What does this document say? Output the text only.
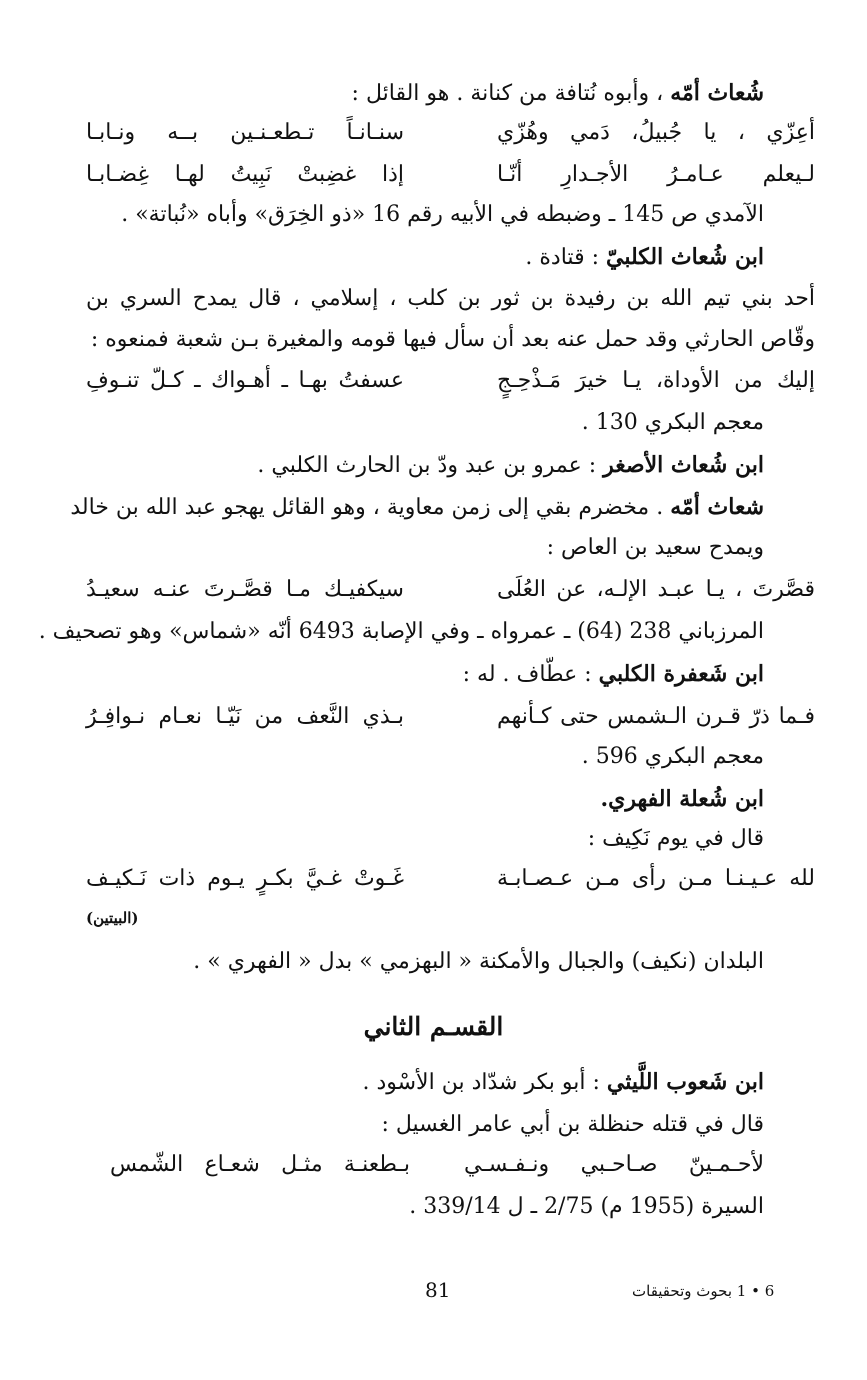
شُعاث أمّه ، وأبوه نُتافة من كنانة . هو القائل :
أعِزّي ، يا جُبيلُ، دَمي وهُزّي
سنـانـاً تـطعـنـين بــه ونـابـا
لـيعلم عـامـرُ الأجـدارِ أنّـا
إذا غضِبتْ نَبِيتُ لهـا غِضـابـا
الآمدي ص 145 ـ وضبطه في الأبيه رقم 16 «ذو الخِرَق» وأباه «نُباتة» .
ابن شُعاث الكلبيّ : قتادة .
أحد بني تيم الله بن رفيدة بن ثور بن كلب ، إسلامي ، قال يمدح السري بن
وقّاص الحارثي وقد حمل عنه بعد أن سأل فيها قومه والمغيرة بـن شعبة فمنعوه :
إليك من الأوداة، يـا خيرَ مَـذْحِـجٍ
عسفتُ بهـا ـ أهـواك ـ كـلّ تنـوفِ
معجم البكري 130 .
ابن شُعاث الأصغر : عمرو بن عبد ودّ بن الحارث الكلبي .
شعاث أمّه . مخضرم بقي إلى زمن معاوية ، وهو القائل يهجو عبد الله بن خالد
ويمدح سعيد بن العاص :
قصَّرتَ ، يـا عبـد الإلـه، عن العُلَى
سيكفيـك مـا قصَّـرتَ عنـه سعيـدُ
المرزباني 238 (64) ـ عمرواه ـ وفي الإصابة 6493 أنّه «شماس» وهو تصحيف .
ابن شَعفرة الكلبي : عطّاف . له :
فـما ذرّ قـرن الـشمس حتى كـأنهم
بـذي النَّعف من نَيّـا نعـام نـوافِـرُ
معجم البكري 596 .
ابن شُعلة الفهري.
قال في يوم نَكِيف :
لله عـيـنـا مـن رأى مـن عـصـابـة
غَـوتْ غـيَّ بكـرٍ يـوم ذات نَـكيـف
(البيتين)
البلدان (نكيف) والجبال والأمكنة « البهزمي » بدل « الفهري » .
القسـم الثاني
ابن شَعوب اللَّيثي : أبو بكر شدّاد بن الأسْود .
قال في قتله حنظلة بن أبي عامر الغسيل :
لأحـمـينّ صـاحـبي ونـفـسـي
بـطعنـة مثـل شعـاع الشّمس
السيرة (1955 م) 2/75 ـ ل 339/14 .
81	6 • 1 بحوث وتحقيقات
